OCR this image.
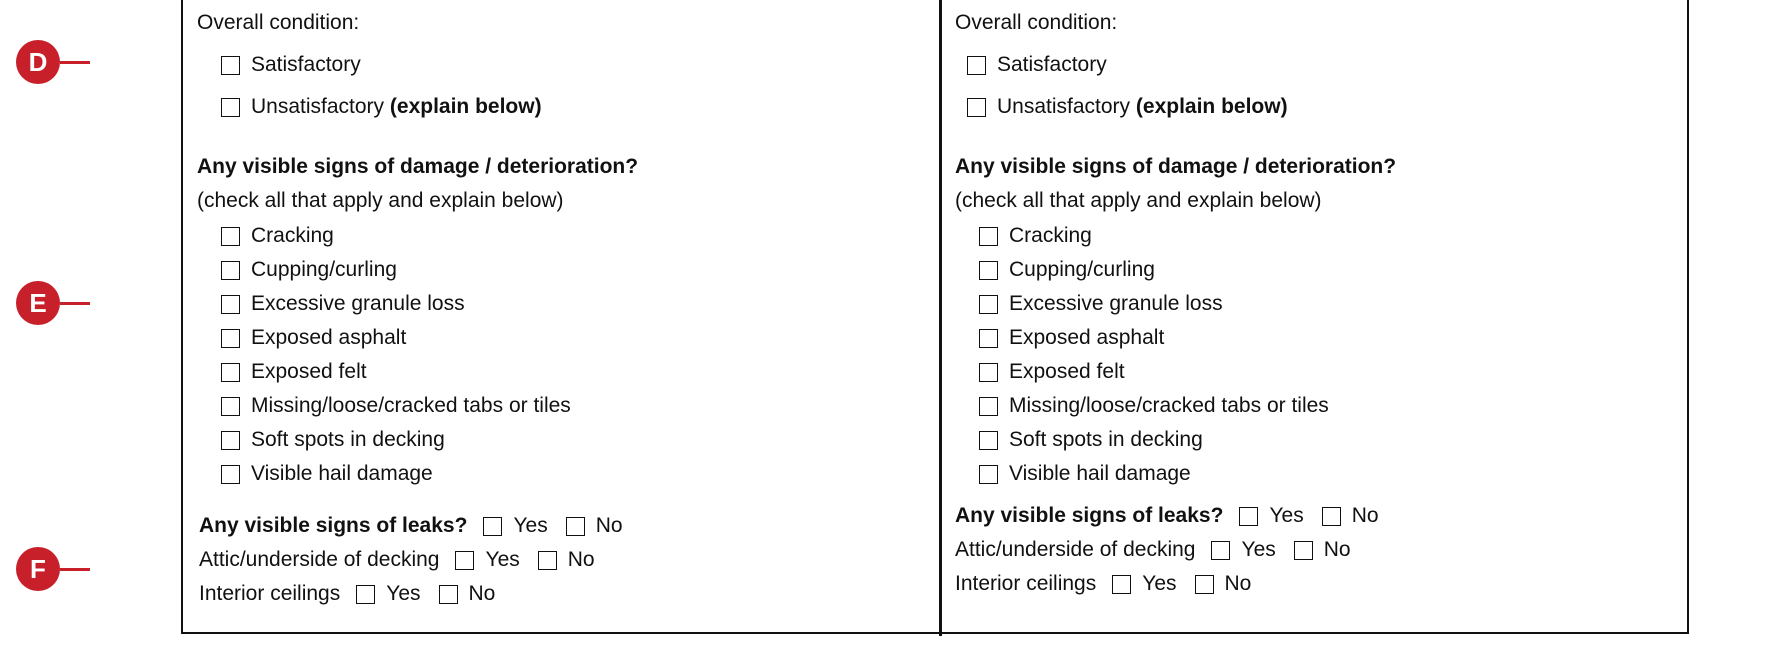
D
E
F
Overall condition:
Satisfactory
Unsatisfactory
(explain below)
Any visible signs of damage / deterioration?
(check all that apply and explain below)
Cracking
Cupping/curling
Excessive granule loss
Exposed asphalt
Exposed felt
Missing/loose/cracked tabs or tiles
Soft spots in decking
Visible hail damage
Any visible signs of leaks? Yes No
Attic/underside of decking Yes No
Interior ceilings Yes No
Overall condition:
Satisfactory
Unsatisfactory
(explain below)
Any visible signs of damage / deterioration?
(check all that apply and explain below)
Cracking
Cupping/curling
Excessive granule loss
Exposed asphalt
Exposed felt
Missing/loose/cracked tabs or tiles
Soft spots in decking
Visible hail damage
Any visible signs of leaks? Yes No
Attic/underside of decking Yes No
Interior ceilings Yes No
